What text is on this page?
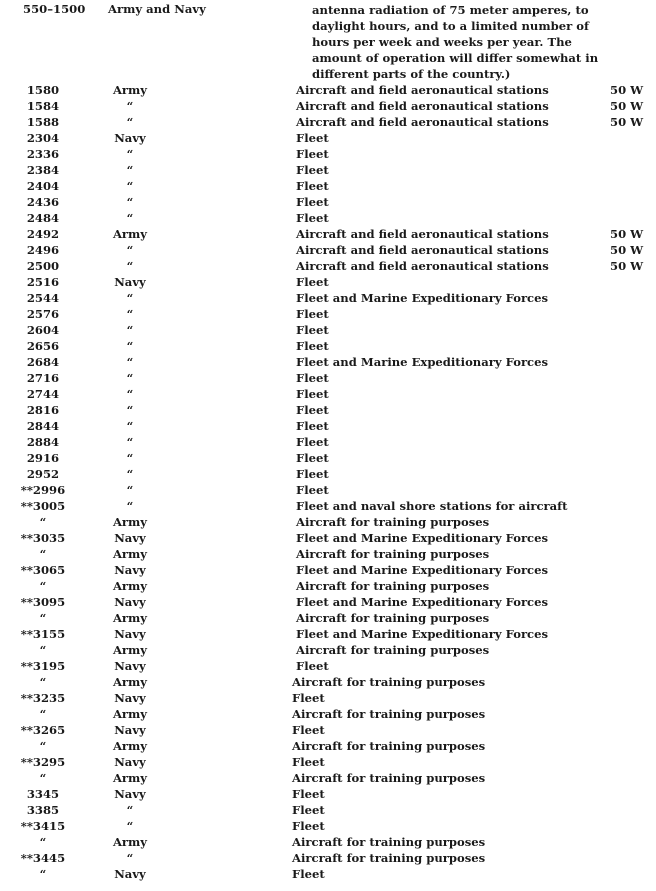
550–1500 Army and Navy	antenna radiation of 75 meter amperes, to
daylight hours, and to a limited number of
hours per week and weeks per year. The
amount of operation will differ somewhat in
different parts of the country.)
1580	Army	Aircraft and field aeronautical stations	50 W
1584	“	Aircraft and field aeronautical stations	50 W
1588	“	Aircraft and field aeronautical stations	50 W
2304	Navy	Fleet
2336	“	Fleet
2384	“	Fleet
2404	“	Fleet
2436	“	Fleet
2484	“	Fleet
2492	Army	Aircraft and field aeronautical stations	50 W
2496	“	Aircraft and field aeronautical stations	50 W
2500	“	Aircraft and field aeronautical stations	50 W
2516	Navy	Fleet
2544	“	Fleet and Marine Expeditionary Forces
2576	“	Fleet
2604	“	Fleet
2656	“	Fleet
2684	“	Fleet and Marine Expeditionary Forces
2716	“	Fleet
2744	“	Fleet
2816	“	Fleet
2844	“	Fleet
2884	“	Fleet
2916	“	Fleet
2952	“	Fleet
**2996	“	Fleet
**3005	“	Fleet and naval shore stations for aircraft
“	Army	Aircraft for training purposes
**3035	Navy	Fleet and Marine Expeditionary Forces
“	Army	Aircraft for training purposes
**3065	Navy	Fleet and Marine Expeditionary Forces
“	Army	Aircraft for training purposes
**3095	Navy	Fleet and Marine Expeditionary Forces
“	Army	Aircraft for training purposes
**3155	Navy	Fleet and Marine Expeditionary Forces
“	Army	Aircraft for training purposes
**3195	Navy	Fleet
“	Army	Aircraft for training purposes
**3235	Navy	Fleet
“	Army	Aircraft for training purposes
**3265	Navy	Fleet
“	Army	Aircraft for training purposes
**3295	Navy	Fleet
“	Army	Aircraft for training purposes
3345	Navy	Fleet
3385	“	Fleet
**3415	“	Fleet
“	Army	Aircraft for training purposes
**3445	“	Aircraft for training purposes
“	Navy	Fleet
